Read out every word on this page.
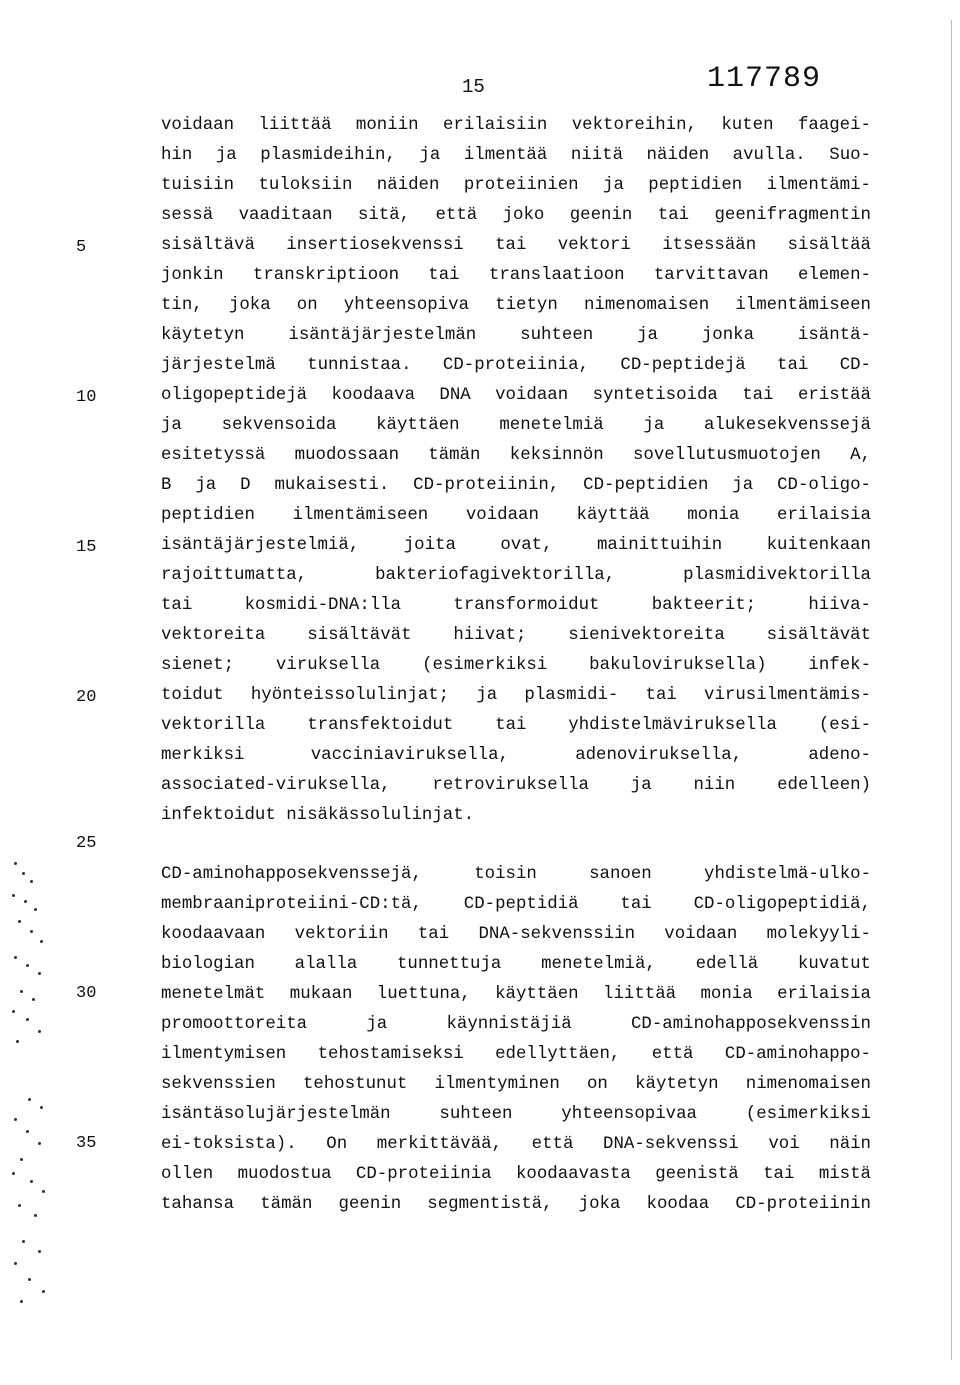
15	117789
5
10
15
20
25
30
35
voidaan liittää moniin erilaisiin vektoreihin, kuten faagei-
hin ja plasmideihin, ja ilmentää niitä näiden avulla. Suo-
tuisiin tuloksiin näiden proteiinien ja peptidien ilmentämi-
sessä vaaditaan sitä, että joko geenin tai geenifragmentin
sisältävä insertiosekvenssi tai vektori itsessään sisältää
jonkin transkriptioon tai translaatioon tarvittavan elemen-
tin, joka on yhteensopiva tietyn nimenomaisen ilmentämiseen
käytetyn isäntäjärjestelmän suhteen ja jonka isäntä-
järjestelmä tunnistaa. CD-proteiinia, CD-peptidejä tai CD-
oligopeptidejä koodaava DNA voidaan syntetisoida tai eristää
ja sekvensoida käyttäen menetelmiä ja alukesekvenssejä
esitetyssä muodossaan tämän keksinnön sovellutusmuotojen A,
B ja D mukaisesti. CD-proteiinin, CD-peptidien ja CD-oligo-
peptidien ilmentämiseen voidaan käyttää monia erilaisia
isäntäjärjestelmiä, joita ovat, mainittuihin kuitenkaan
rajoittumatta, bakteriofagivektorilla, plasmidivektorilla
tai kosmidi-DNA:lla transformoidut bakteerit; hiiva-
vektoreita sisältävät hiivat; sienivektoreita sisältävät
sienet; viruksella (esimerkiksi bakuloviruksella) infek-
toidut hyönteissolulinjat; ja plasmidi- tai virusilmentämis-
vektorilla transfektoidut tai yhdistelmäviruksella (esi-
merkiksi vacciniaviruksella, adenoviruksella, adeno-
associated-viruksella, retroviruksella ja niin edelleen)
infektoidut nisäkässolulinjat.
CD-aminohapposekvenssejä, toisin sanoen yhdistelmä-ulko-
membraaniproteiini-CD:tä, CD-peptidiä tai CD-oligopeptidiä,
koodaavaan vektoriin tai DNA-sekvenssiin voidaan molekyyli-
biologian alalla tunnettuja menetelmiä, edellä kuvatut
menetelmät mukaan luettuna, käyttäen liittää monia erilaisia
promoottoreita ja käynnistäjiä CD-aminohapposekvenssin
ilmentymisen tehostamiseksi edellyttäen, että CD-aminohappo-
sekvenssien tehostunut ilmentyminen on käytetyn nimenomaisen
isäntäsolujärjestelmän suhteen yhteensopivaa (esimerkiksi
ei-toksista). On merkittävää, että DNA-sekvenssi voi näin
ollen muodostua CD-proteiinia koodaavasta geenistä tai mistä
tahansa tämän geenin segmentistä, joka koodaa CD-proteiinin
